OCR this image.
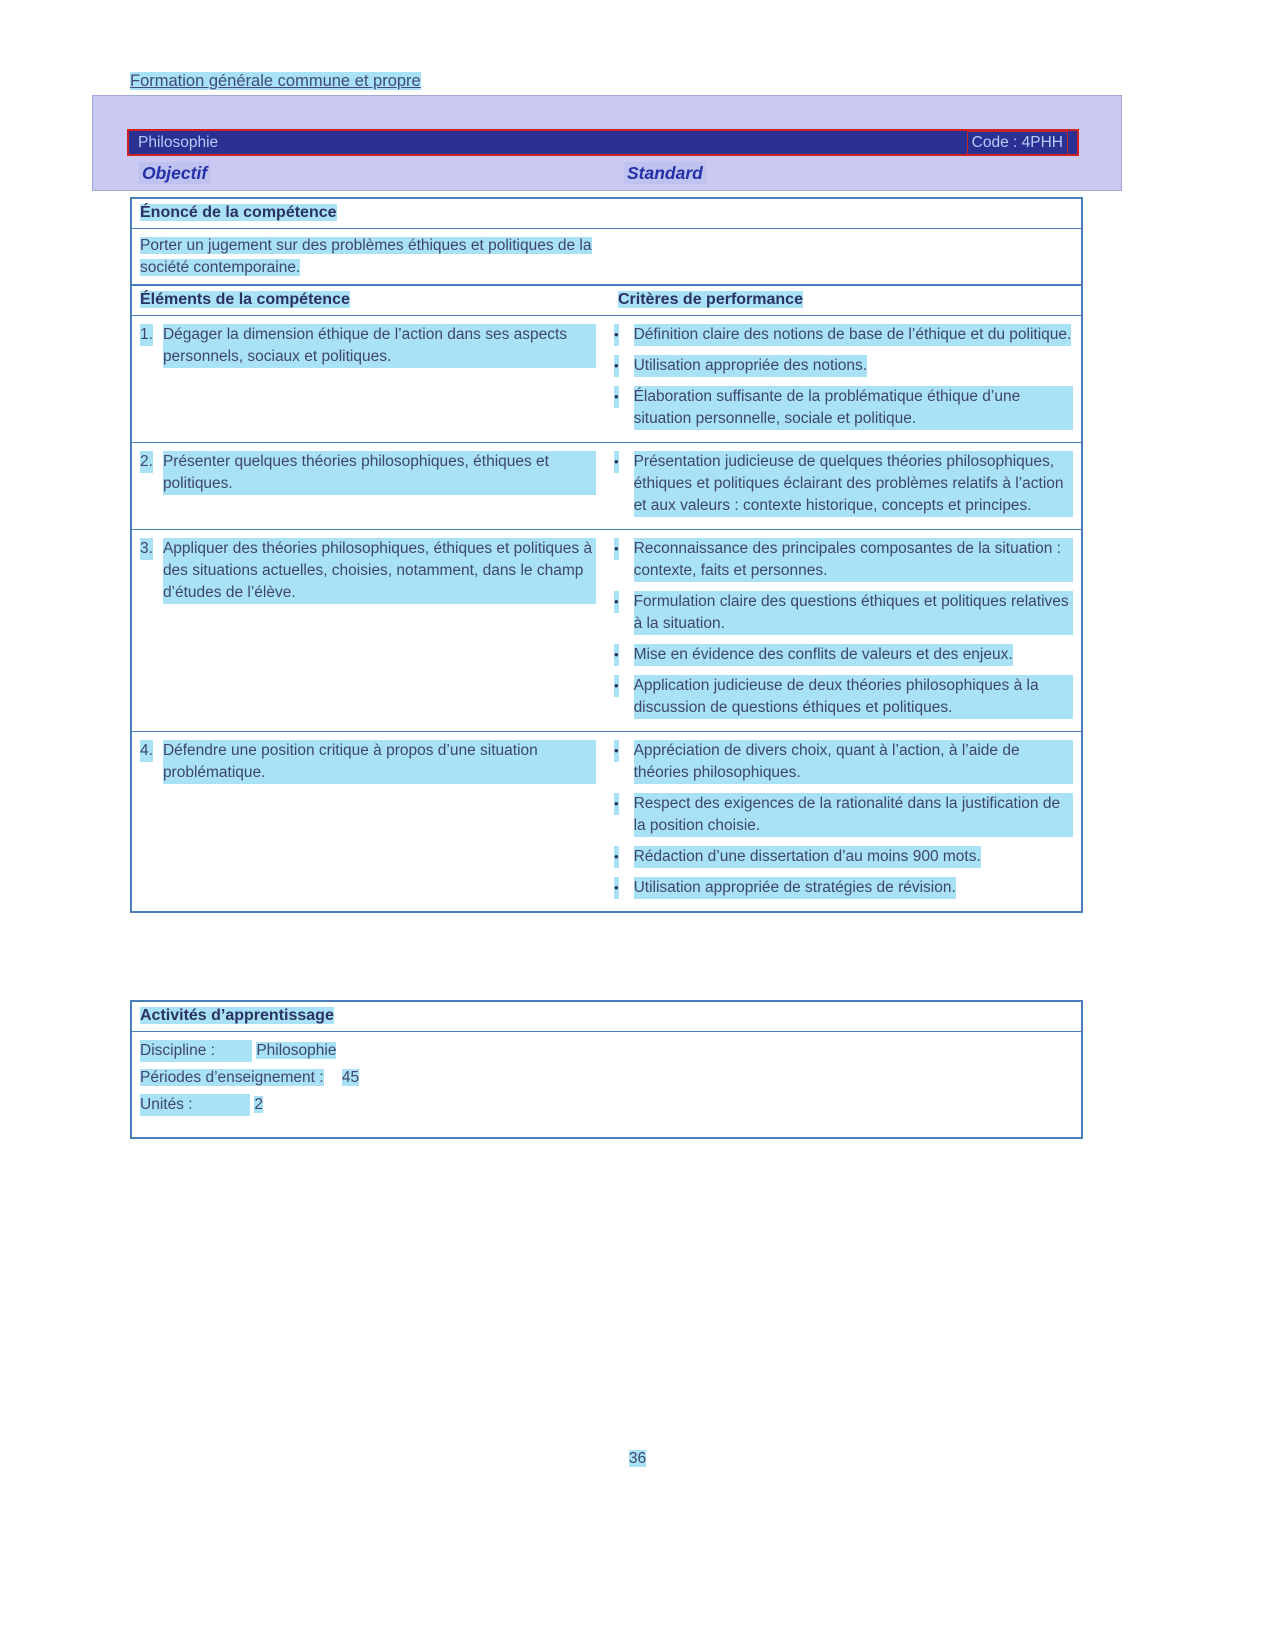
Formation générale commune et propre
Philosophie	Code : 4PHH
Objectif	Standard
Énoncé de la compétence
Porter un jugement sur des problèmes éthiques et politiques de la société contemporaine.
Éléments de la compétence	Critères de performance
1. Dégager la dimension éthique de l’action dans ses aspects personnels, sociaux et politiques.
• Définition claire des notions de base de l’éthique et du politique.
• Utilisation appropriée des notions.
• Élaboration suffisante de la problématique éthique d’une situation personnelle, sociale et politique.
2. Présenter quelques théories philosophiques, éthiques et politiques.
• Présentation judicieuse de quelques théories philosophiques, éthiques et politiques éclairant des problèmes relatifs à l’action et aux valeurs : contexte historique, concepts et principes.
3. Appliquer des théories philosophiques, éthiques et politiques à des situations actuelles, choisies, notamment, dans le champ d’études de l’élève.
• Reconnaissance des principales composantes de la situation : contexte, faits et personnes.
• Formulation claire des questions éthiques et politiques relatives à la situation.
• Mise en évidence des conflits de valeurs et des enjeux.
• Application judicieuse de deux théories philosophiques à la discussion de questions éthiques et politiques.
4. Défendre une position critique à propos d’une situation problématique.
• Appréciation de divers choix, quant à l’action, à l’aide de théories philosophiques.
• Respect des exigences de la rationalité dans la justification de la position choisie.
• Rédaction d’une dissertation d’au moins 900 mots.
• Utilisation appropriée de stratégies de révision.
Activités d’apprentissage
Discipline :	Philosophie
Périodes d’enseignement : 45
Unités :	2
36
